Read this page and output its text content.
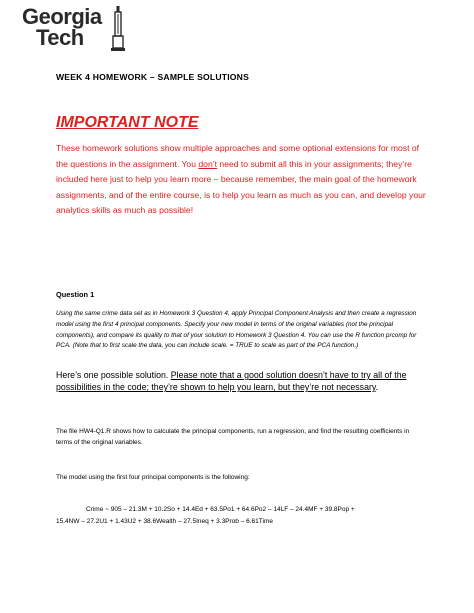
Georgia
Tech
WEEK 4 HOMEWORK – SAMPLE SOLUTIONS
IMPORTANT NOTE
These homework solutions show multiple approaches and some optional extensions for most of the questions in the assignment. You don’t need to submit all this in your assignments; they’re included here just to help you learn more – because remember, the main goal of the homework assignments, and of the entire course, is to help you learn as much as you can, and develop your analytics skills as much as possible!
Question 1
Using the same crime data set as in Homework 3 Question 4, apply Principal Component Analysis and then create a regression model using the first 4 principal components. Specify your new model in terms of the original variables (not the principal components), and compare its quality to that of your solution to Homework 3 Question 4. You can use the R function prcomp for PCA. (Note that to first scale the data, you can include scale. = TRUE to scale as part of the PCA function.)
Here’s one possible solution. Please note that a good solution doesn’t have to try all of the possibilities in the code; they’re shown to help you learn, but they’re not necessary.
The file HW4-Q1.R shows how to calculate the principal components, run a regression, and find the resulting coefficients in terms of the original variables.
The model using the first four principal components is the following:
Crime ~ 905 – 21.3M + 10.2So + 14.4Ed + 63.5Po1 + 64.6Po2 – 14LF – 24.4MF + 39.8Pop +
15.4NW – 27.2U1 + 1.43U2 + 38.6Wealth – 27.5Ineq + 3.3Prob – 6.61Time
